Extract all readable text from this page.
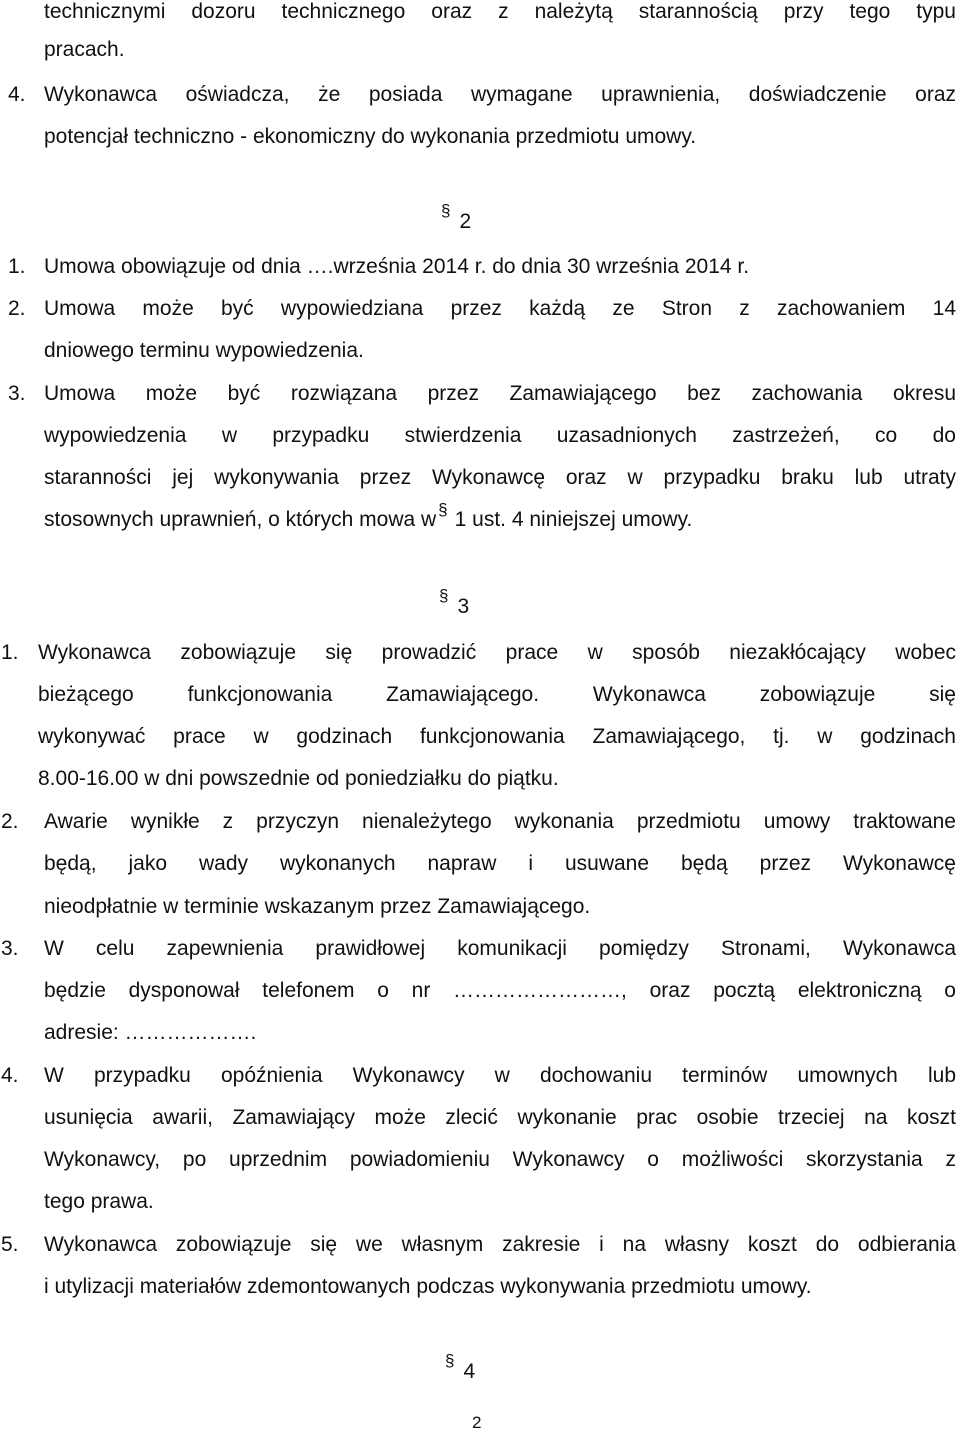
technicznymi dozoru technicznego oraz z należytą starannością przy tego typu
pracach.
4. Wykonawca oświadcza, że posiada wymagane uprawnienia, doświadczenie oraz
potencjał techniczno - ekonomiczny do wykonania przedmiotu umowy.
§ 2
1. Umowa obowiązuje od dnia ….września 2014 r. do dnia 30 września 2014 r.
2. Umowa może być wypowiedziana przez każdą ze Stron z zachowaniem 14
dniowego terminu wypowiedzenia.
3. Umowa może być rozwiązana przez Zamawiającego bez zachowania okresu
wypowiedzenia w przypadku stwierdzenia uzasadnionych zastrzeżeń, co do
staranności jej wykonywania przez Wykonawcę oraz w przypadku braku lub utraty
stosownych uprawnień, o których mowa w § 1 ust. 4 niniejszej umowy.
§ 3
1. Wykonawca zobowiązuje się prowadzić prace w sposób niezakłócający wobec
bieżącego funkcjonowania Zamawiającego. Wykonawca zobowiązuje się
wykonywać prace w godzinach funkcjonowania Zamawiającego, tj. w godzinach
8.00-16.00 w dni powszednie od poniedziałku do piątku.
2. Awarie wynikłe z przyczyn nienależytego wykonania przedmiotu umowy traktowane
będą, jako wady wykonanych napraw i usuwane będą przez Wykonawcę
nieodpłatnie w terminie wskazanym przez Zamawiającego.
3. W celu zapewnienia prawidłowej komunikacji pomiędzy Stronami, Wykonawca
będzie dysponował telefonem o nr ……………………, oraz pocztą elektroniczną o
adresie: ……………….
4. W przypadku opóźnienia Wykonawcy w dochowaniu terminów umownych lub
usunięcia awarii, Zamawiający może zlecić wykonanie prac osobie trzeciej na koszt
Wykonawcy, po uprzednim powiadomieniu Wykonawcy o możliwości skorzystania z
tego prawa.
5. Wykonawca zobowiązuje się we własnym zakresie i na własny koszt do odbierania
i utylizacji materiałów zdemontowanych podczas wykonywania przedmiotu umowy.
§ 4
2
